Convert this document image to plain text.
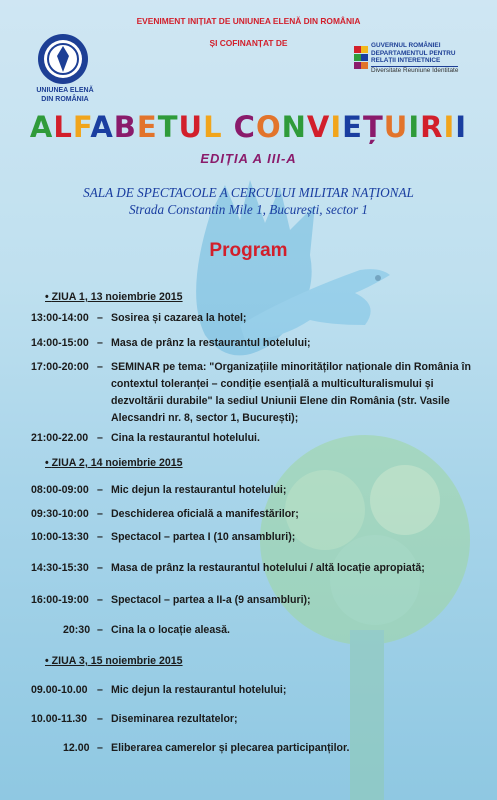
EVENIMENT INIȚIAT DE UNIUNEA ELENĂ DIN ROMÂNIA
ȘI COFINANȚAT DE
UNIUNEA ELENĂ
DIN ROMÂNIA
GUVERNUL ROMÂNIEI
DEPARTAMENTUL PENTRU
RELAȚII INTERETNICE
Diversitate Reuniune Identitate
ALFABETUL CONVIEȚUIRII
EDIȚIA A III-A
SALA DE SPECTACOLE A CERCULUI MILITAR NAȚIONAL
Strada Constantin Mile 1, București, sector 1
Program
• ZIUA 1, 13 noiembrie 2015
13:00-14:00 – Sosirea și cazarea la hotel;
14:00-15:00 – Masa de prânz la restaurantul hotelului;
17:00-20:00 – SEMINAR pe tema: "Organizațiile minorităților naționale din România în contextul toleranței – condiție esențială a multiculturalismului și dezvoltării durabile" la sediul Uniunii Elene din România (str. Vasile Alecsandri nr. 8, sector 1, București);
21:00-22.00 – Cina la restaurantul hotelului.
• ZIUA 2, 14 noiembrie 2015
08:00-09:00 – Mic dejun la restaurantul hotelului;
09:30-10:00 – Deschiderea oficială a manifestărilor;
10:00-13:30 – Spectacol – partea I (10 ansambluri);
14:30-15:30 – Masa de prânz la restaurantul hotelului / altă locație apropiată;
16:00-19:00 – Spectacol – partea a II-a (9 ansambluri);
20:30 – Cina la o locație aleasă.
• ZIUA 3, 15 noiembrie 2015
09.00-10.00 – Mic dejun la restaurantul hotelului;
10.00-11.30 – Diseminarea rezultatelor;
12.00 – Eliberarea camerelor și plecarea participanților.
